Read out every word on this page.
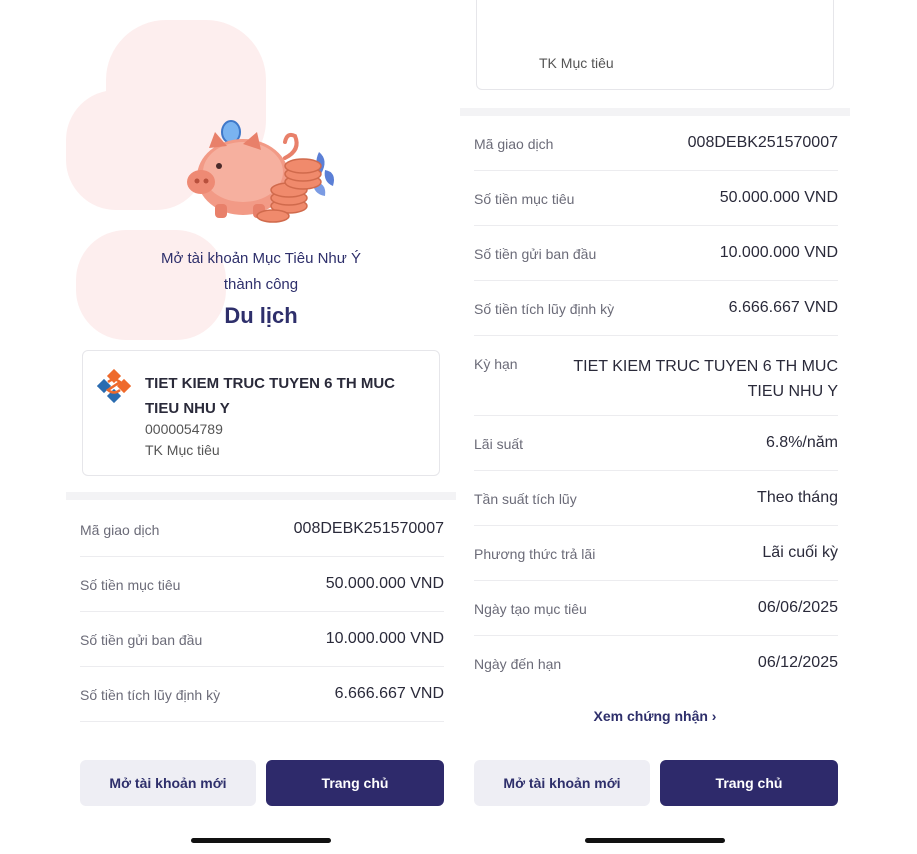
Mở tài khoản Mục Tiêu Như Ý
thành công
Du lịch
TIET KIEM TRUC TUYEN 6 TH MUC TIEU NHU Y
0000054789
TK Mục tiêu
Mã giao dịch	008DEBK251570007
Số tiền mục tiêu	50.000.000 VND
Số tiền gửi ban đầu	10.000.000 VND
Số tiền tích lũy định kỳ	6.666.667 VND
Mở tài khoản mới	Trang chủ
TK Mục tiêu
Mã giao dịch	008DEBK251570007
Số tiền mục tiêu	50.000.000 VND
Số tiền gửi ban đầu	10.000.000 VND
Số tiền tích lũy định kỳ	6.666.667 VND
Kỳ hạn	TIET KIEM TRUC TUYEN 6 TH MUC TIEU NHU Y
Lãi suất	6.8%/năm
Tần suất tích lũy	Theo tháng
Phương thức trả lãi	Lãi cuối kỳ
Ngày tạo mục tiêu	06/06/2025
Ngày đến hạn	06/12/2025
Xem chứng nhận ›
Mở tài khoản mới	Trang chủ
